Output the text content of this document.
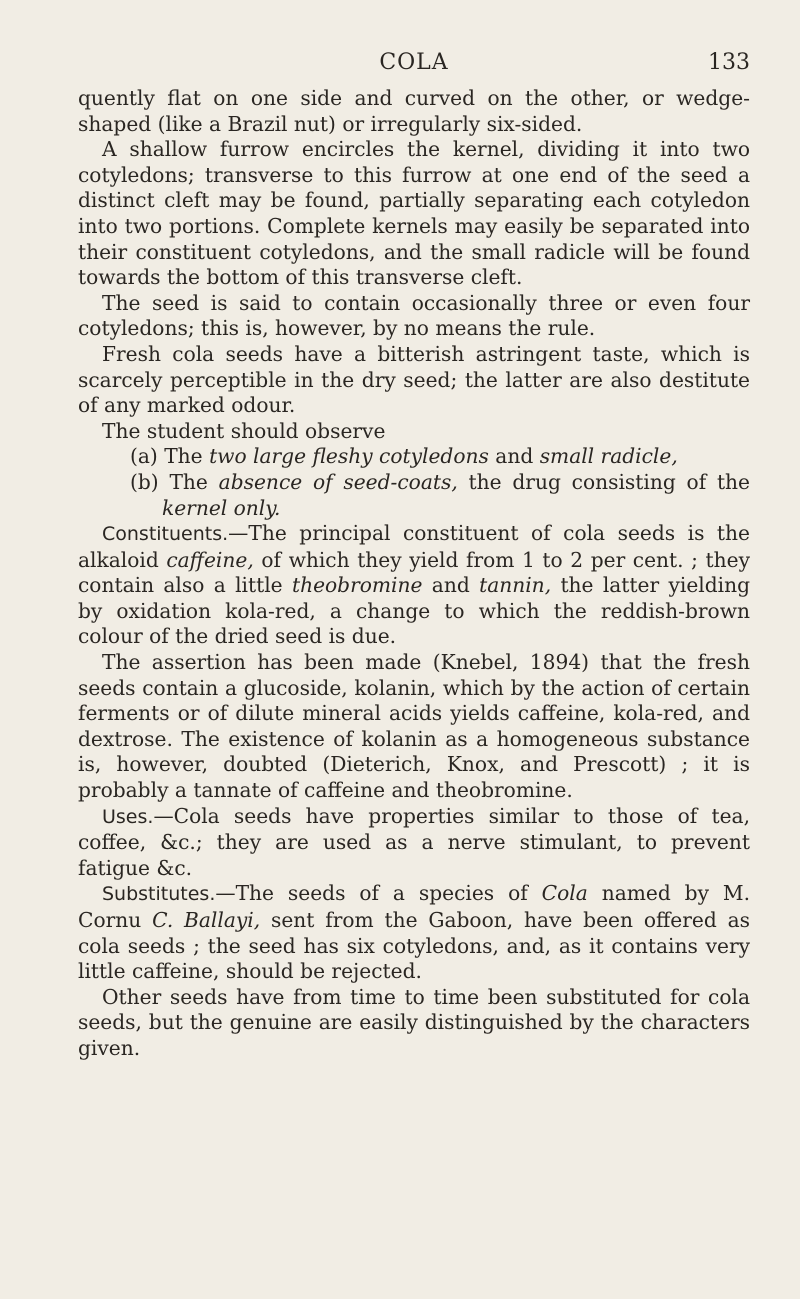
COLA	133

quently flat on one side and curved on the other, or wedge-shaped (like a Brazil nut) or irregularly six-sided.

A shallow furrow encircles the kernel, dividing it into two cotyledons; transverse to this furrow at one end of the seed a distinct cleft may be found, partially separating each cotyledon into two portions. Complete kernels may easily be separated into their constituent cotyledons, and the small radicle will be found towards the bottom of this transverse cleft.

The seed is said to contain occasionally three or even four cotyledons; this is, however, by no means the rule.

Fresh cola seeds have a bitterish astringent taste, which is scarcely perceptible in the dry seed; the latter are also destitute of any marked odour.

The student should observe

(a) The two large fleshy cotyledons and small radicle,
(b) The absence of seed-coats, the drug consisting of the kernel only.

Constituents.—The principal constituent of cola seeds is the alkaloid caffeine, of which they yield from 1 to 2 per cent. ; they contain also a little theobromine and tannin, the latter yielding by oxidation kola-red, a change to which the reddish-brown colour of the dried seed is due.

The assertion has been made (Knebel, 1894) that the fresh seeds contain a glucoside, kolanin, which by the action of certain ferments or of dilute mineral acids yields caffeine, kola-red, and dextrose. The existence of kolanin as a homogeneous substance is, however, doubted (Dieterich, Knox, and Prescott) ; it is probably a tannate of caffeine and theobromine.

Uses.—Cola seeds have properties similar to those of tea, coffee, &c.; they are used as a nerve stimulant, to prevent fatigue &c.

Substitutes.—The seeds of a species of Cola named by M. Cornu C. Ballayi, sent from the Gaboon, have been offered as cola seeds ; the seed has six cotyledons, and, as it contains very little caffeine, should be rejected.

Other seeds have from time to time been substituted for cola seeds, but the genuine are easily distinguished by the characters given.
